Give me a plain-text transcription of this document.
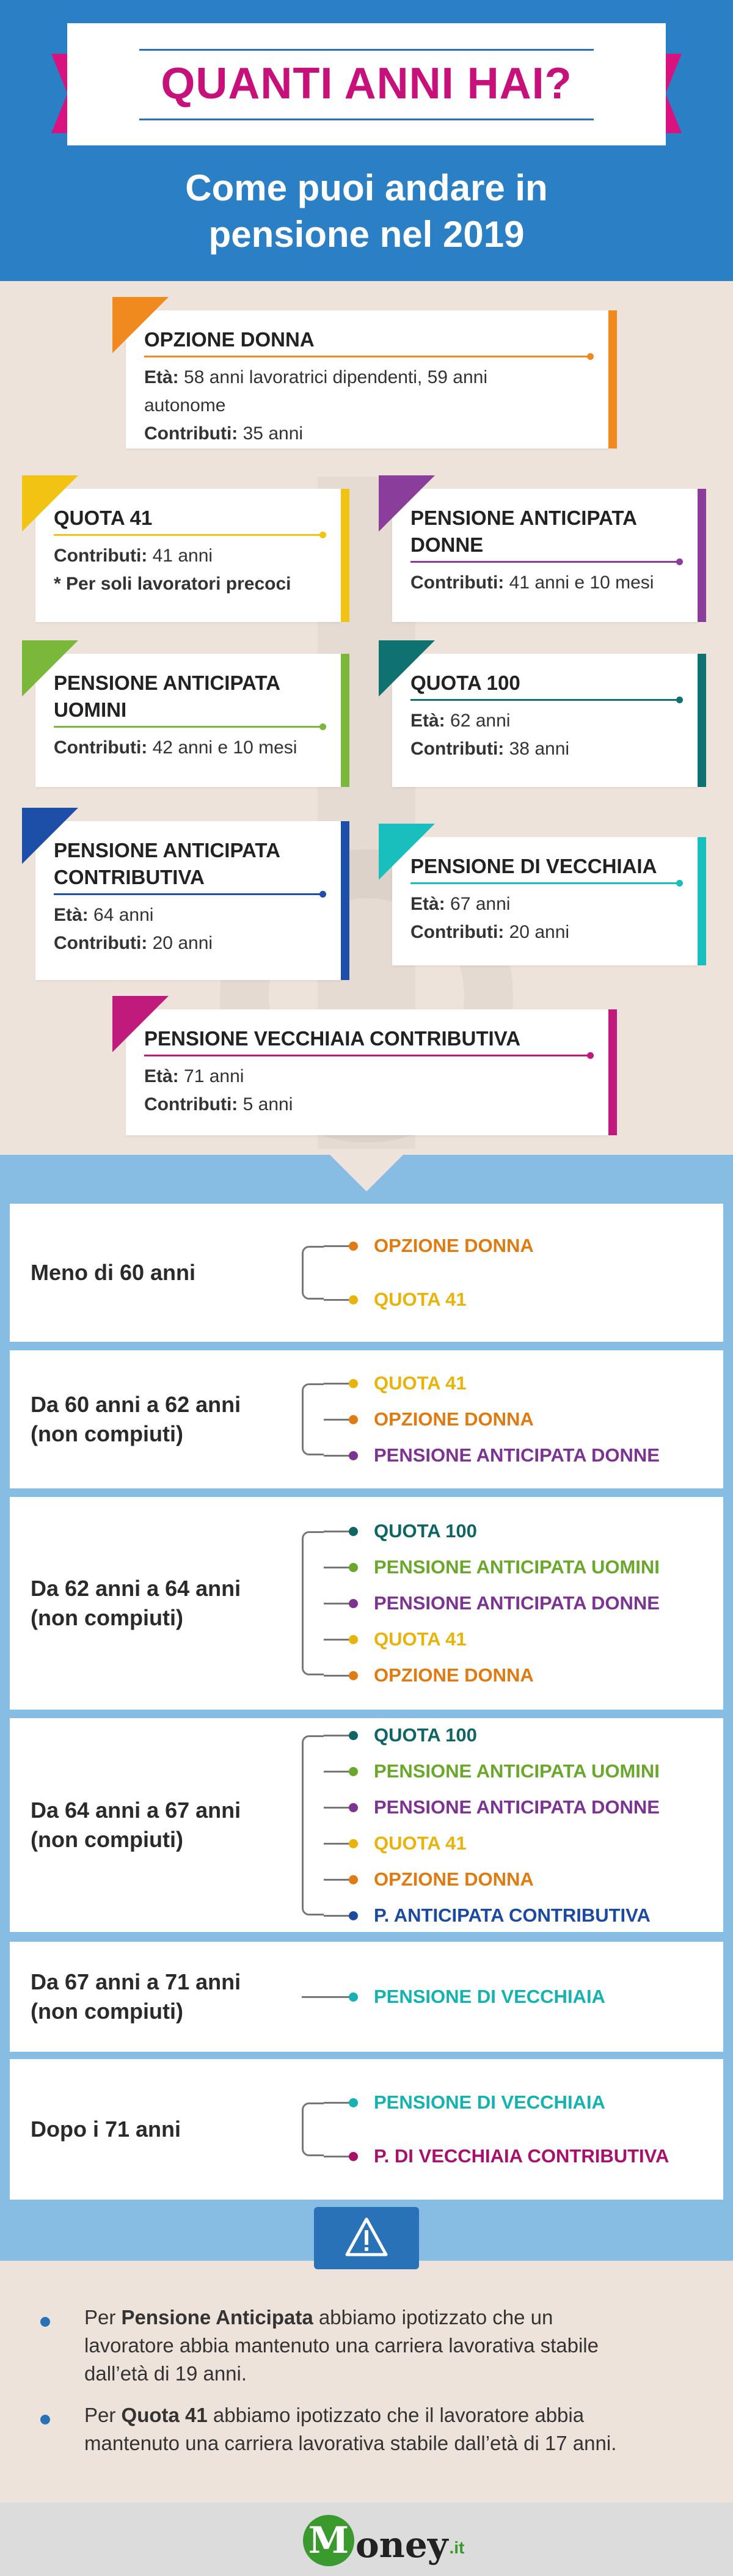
QUANTI ANNI HAI?
Come puoi andare in
pensione nel 2019
OPZIONE DONNA

Età: 58 anni lavoratrici dipendenti, 59 anni
autonome

Contributi: 35 anni

QUOTA 41

Contributi: 41 anni

* Per soli lavoratori precoci

PENSIONE ANTICIPATA
DONNE

Contributi: 41 anni e 10 mesi

PENSIONE ANTICIPATA
UOMINI

Contributi: 42 anni e 10 mesi

QUOTA 100

Età: 62 anni

Contributi: 38 anni

PENSIONE ANTICIPATA
CONTRIBUTIVA

Età: 64 anni

Contributi: 20 anni

PENSIONE DI VECCHIAIA

Età: 67 anni

Contributi: 20 anni

PENSIONE VECCHIAIA CONTRIBUTIVA

Età: 71 anni

Contributi: 5 anni

Meno di 60 anni
OPZIONE DONNA
QUOTA 41
Da 60 anni a 62 anni
(non compiuti)
QUOTA 41
OPZIONE DONNA
PENSIONE ANTICIPATA DONNE
Da 62 anni a 64 anni
(non compiuti)
QUOTA 100
PENSIONE ANTICIPATA UOMINI
PENSIONE ANTICIPATA DONNE
QUOTA 41
OPZIONE DONNA
Da 64 anni a 67 anni
(non compiuti)
QUOTA 100
PENSIONE ANTICIPATA UOMINI
PENSIONE ANTICIPATA DONNE
QUOTA 41
OPZIONE DONNA
P. ANTICIPATA CONTRIBUTIVA
Da 67 anni a 71 anni
(non compiuti)
PENSIONE DI VECCHIAIA
Dopo i 71 anni
PENSIONE DI VECCHIAIA
P. DI VECCHIAIA CONTRIBUTIVA
Per Pensione Anticipata abbiamo ipotizzato che un
lavoratore abbia mantenuto una carriera lavorativa stabile
dall’età di 19 anni.
Per Quota 41 abbiamo ipotizzato che il lavoratore abbia
mantenuto una carriera lavorativa stabile dall’età di 17 anni.
M oney .it
